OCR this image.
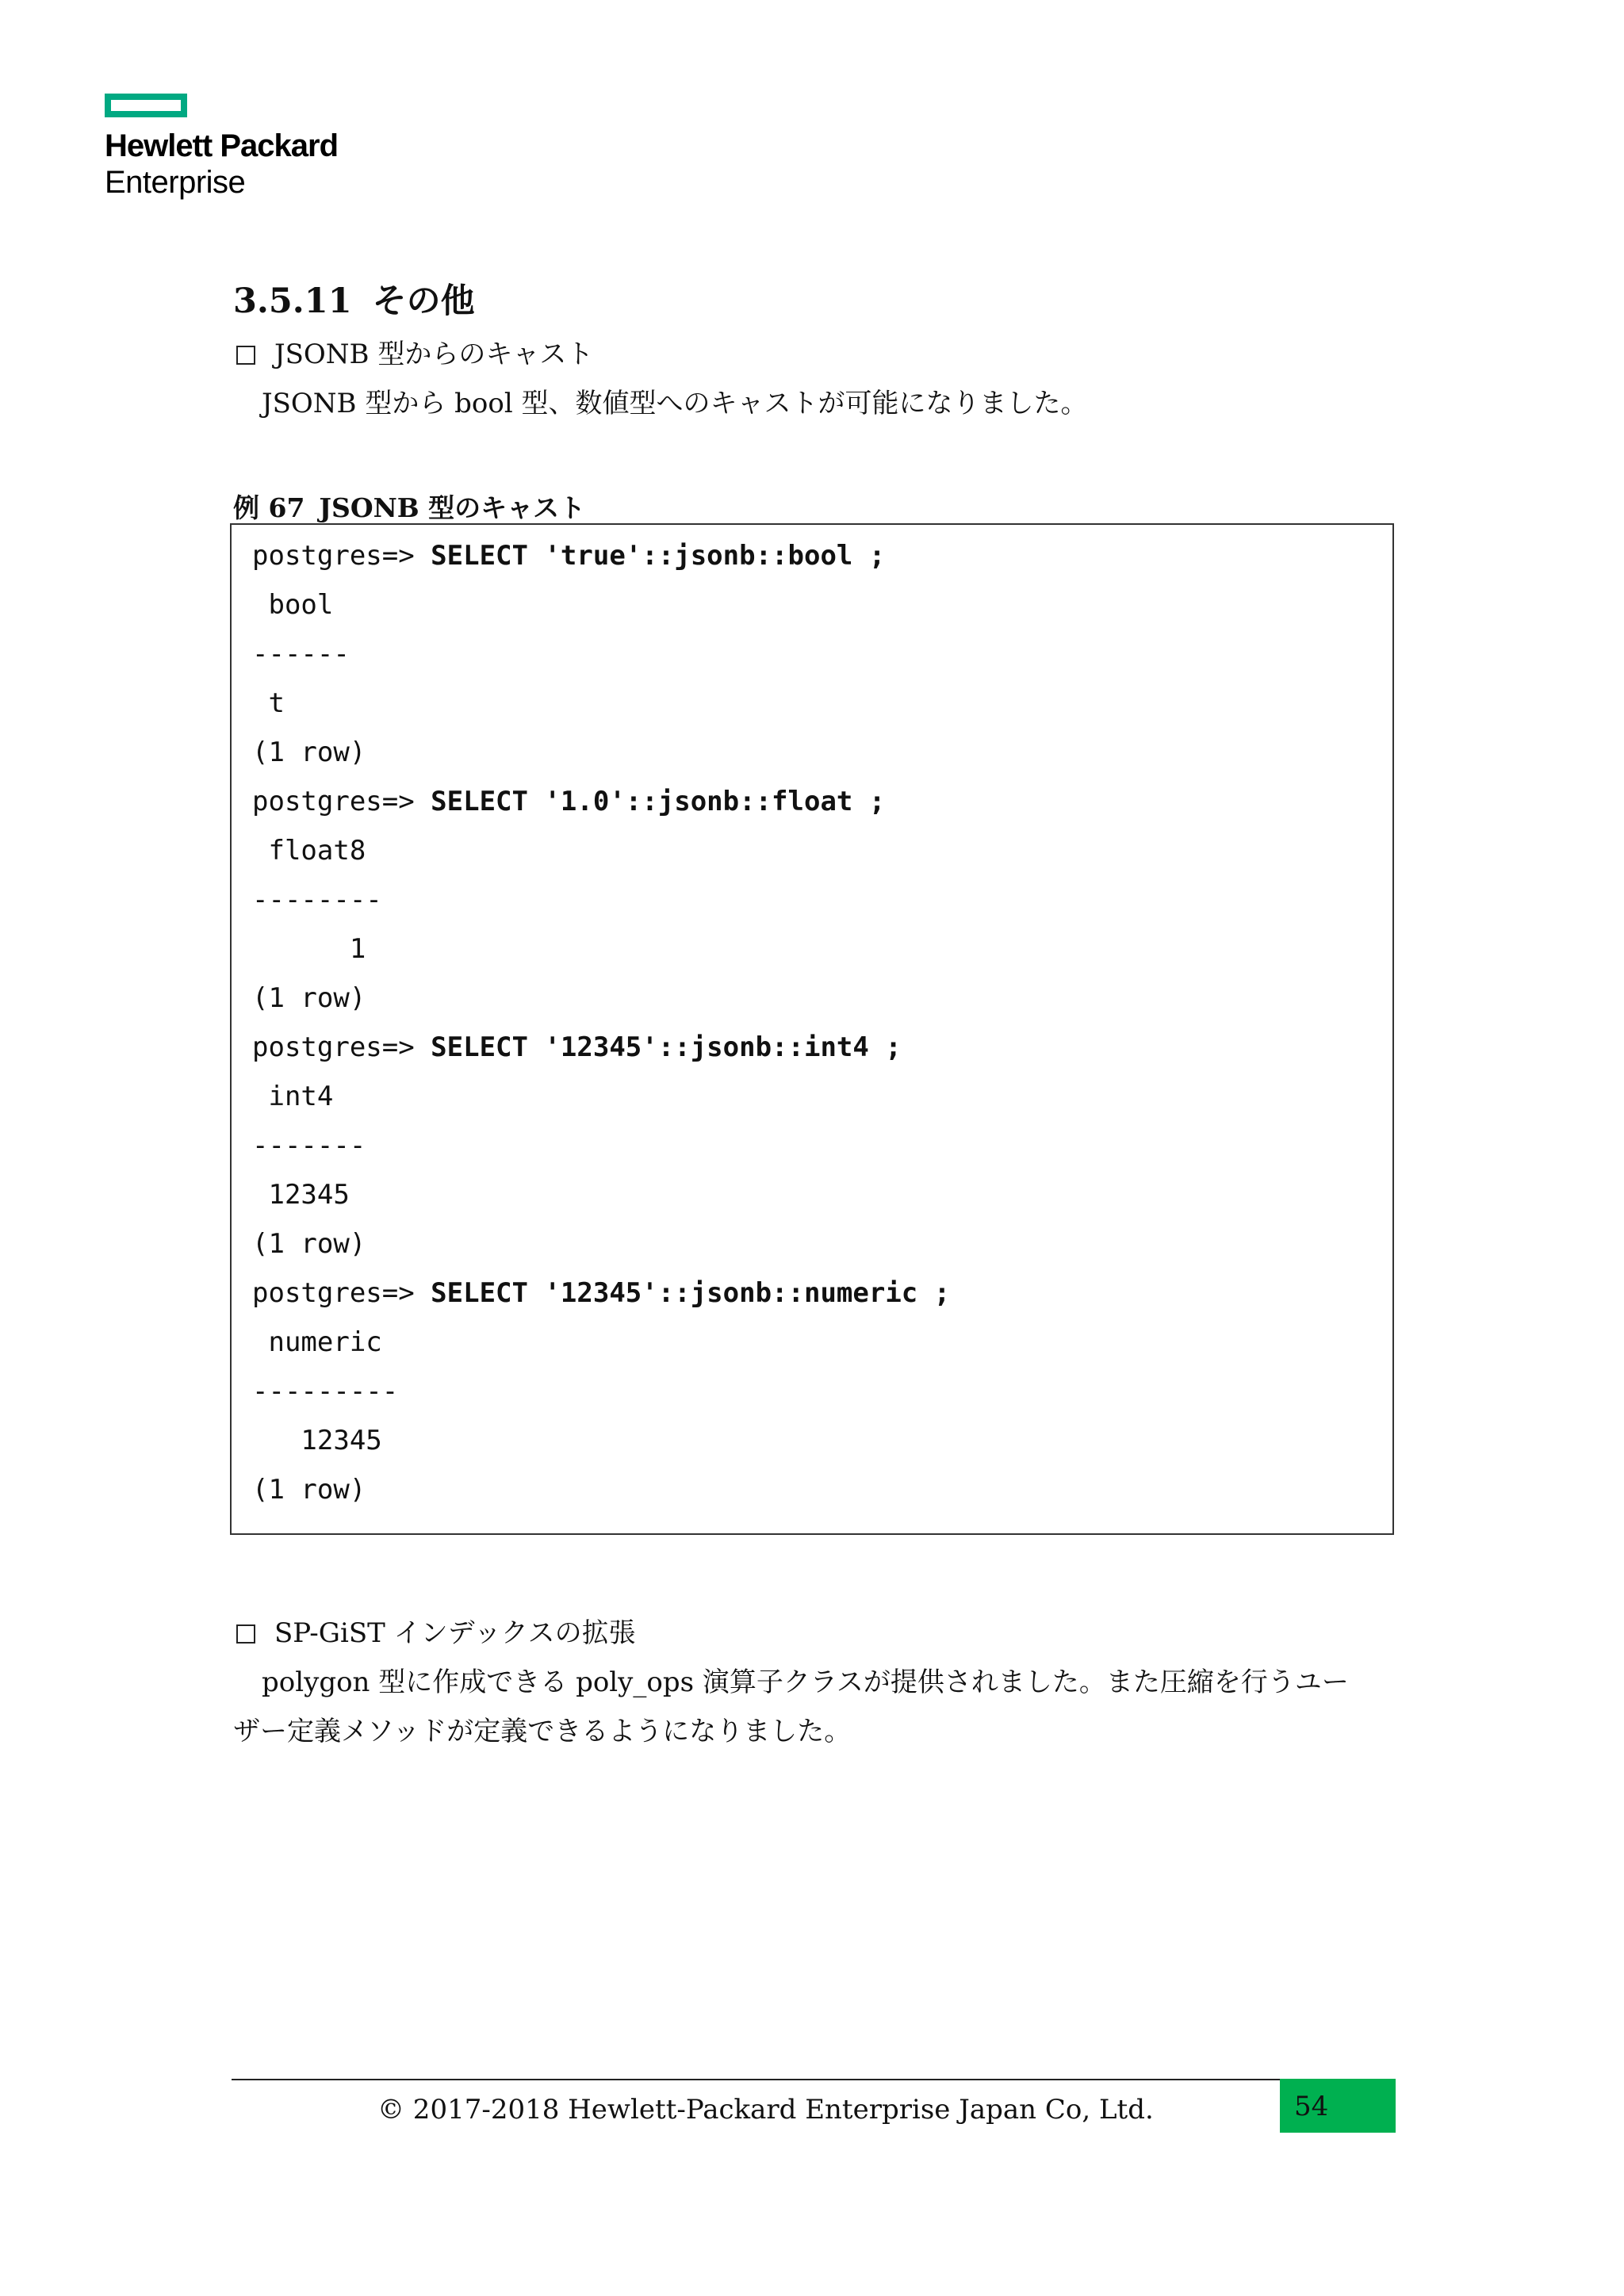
Hewlett Packard
Enterprise
3.5.11 その他
JSONB 型からのキャスト
JSONB 型から bool 型、数値型へのキャストが可能になりました。
例 67 JSONB 型のキャスト
postgres=> SELECT 'true'::jsonb::bool ;
bool
------
t
(1 row)
postgres=> SELECT '1.0'::jsonb::float ;
float8
--------
1
(1 row)
postgres=> SELECT '12345'::jsonb::int4 ;
int4
-------
12345
(1 row)
postgres=> SELECT '12345'::jsonb::numeric ;
numeric
---------
12345
(1 row)
SP-GiST インデックスの拡張
polygon 型に作成できる poly_ops 演算子クラスが提供されました。また圧縮を行うユー
ザー定義メソッドが定義できるようになりました。
© 2017-2018 Hewlett-Packard Enterprise Japan Co, Ltd.	54
